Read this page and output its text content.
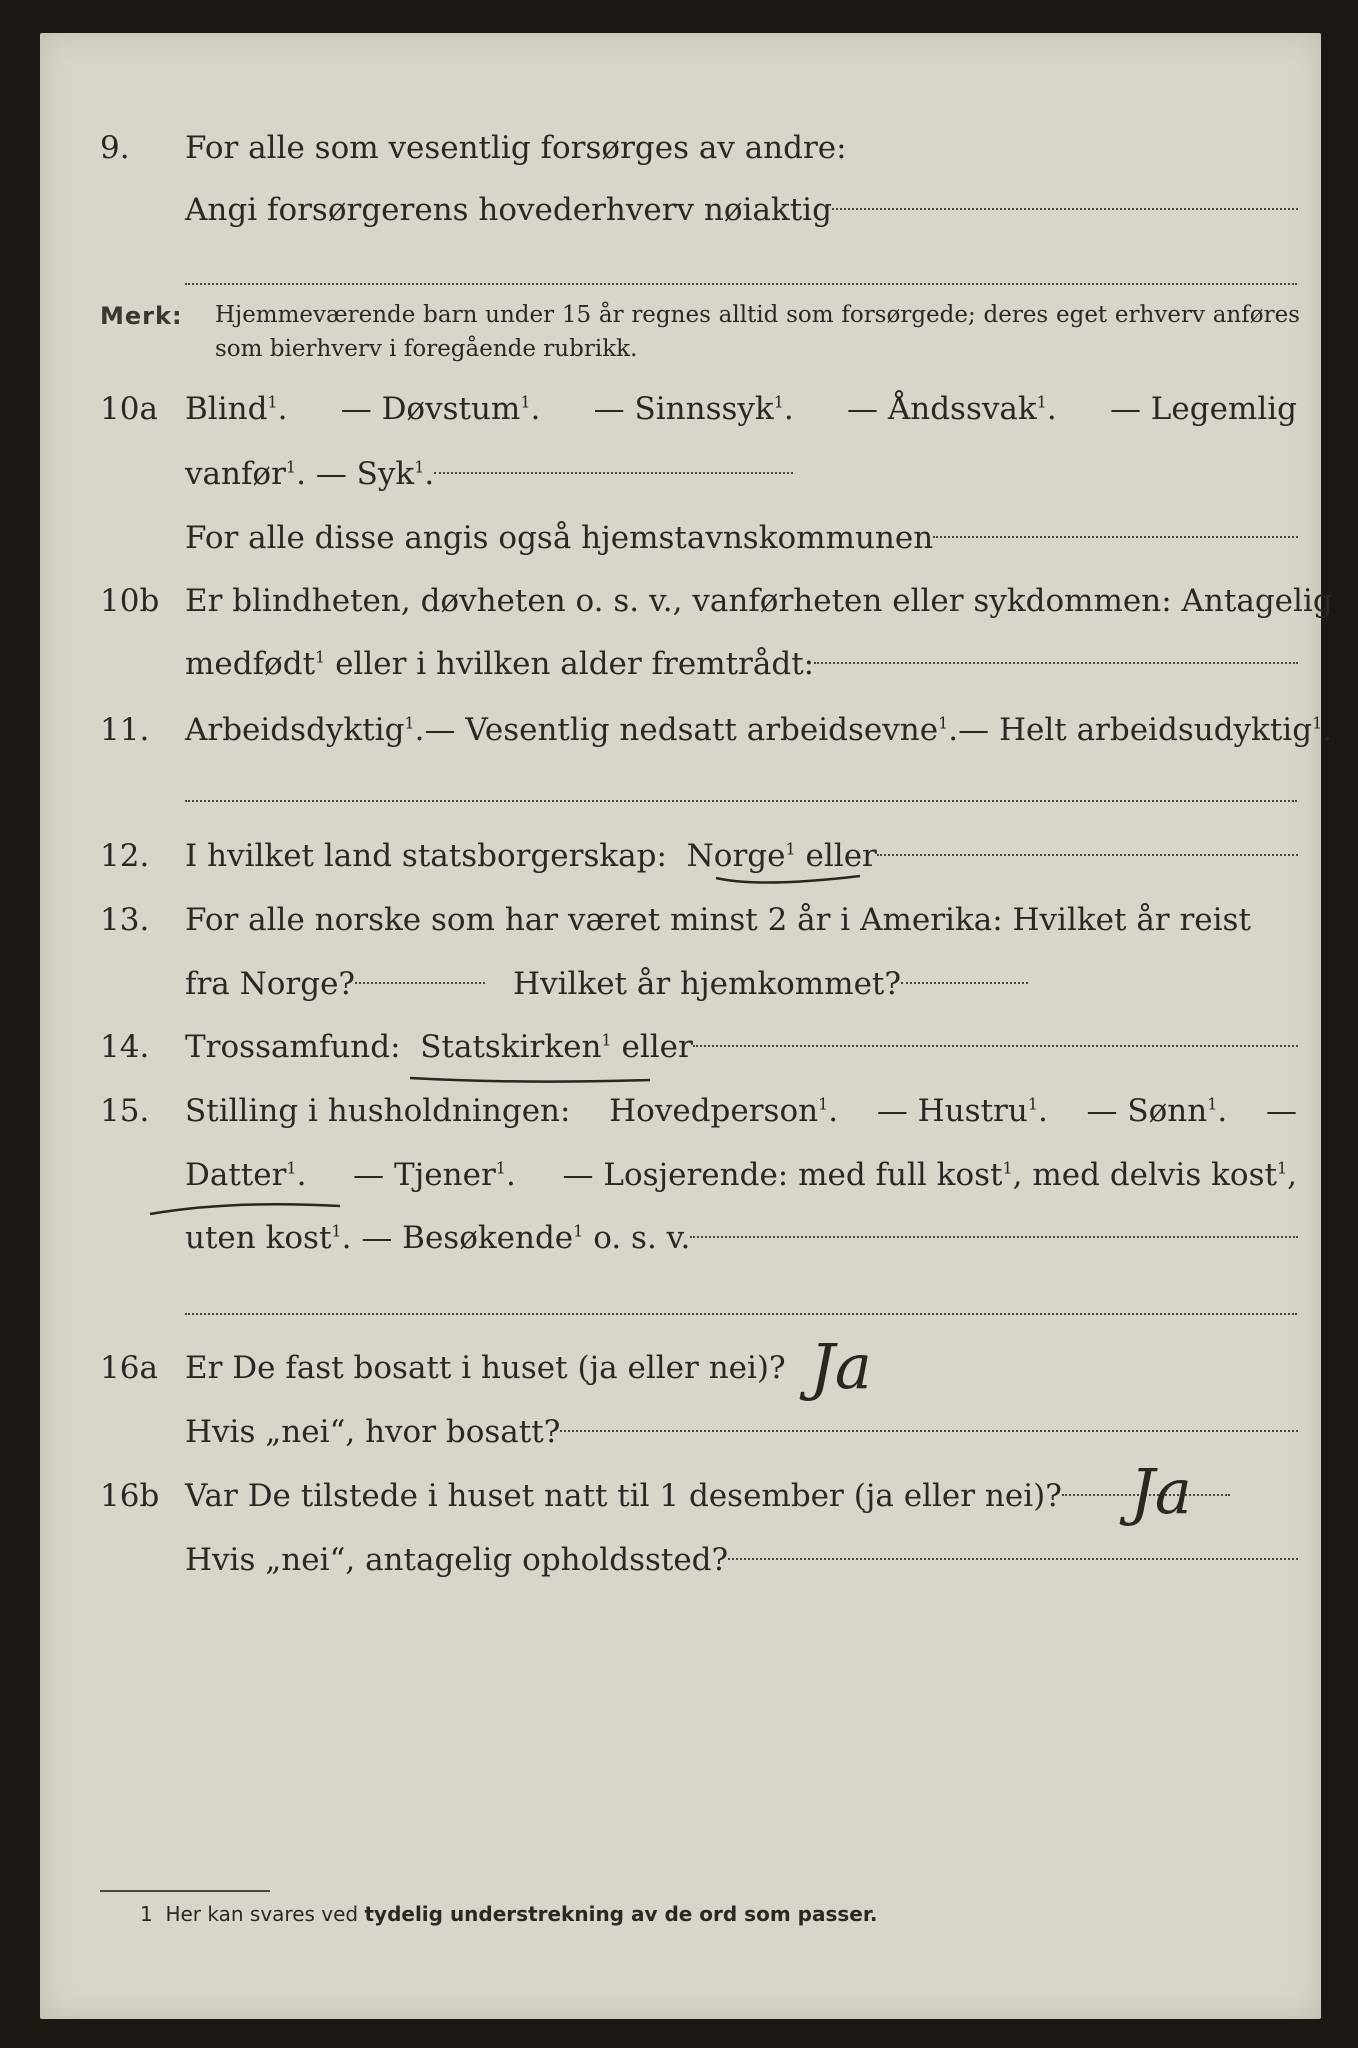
9. For alle som vesentlig forsørges av andre:
Angi forsørgerens hovederhverv nøiaktig
Merk: Hjemmeværende barn under 15 år regnes alltid som forsørgede; deres eget erhverv anføres som bierhverv i foregående rubrikk.
10a Blind$^1$. — Døvstum$^1$. — Sinnssyk$^1$. — Åndssvak$^1$. — Legemlig
vanfør$^1$. — Syk$^1$.
For alle disse angis også hjemstavnskommunen
10b Er blindheten, døvheten o. s. v., vanførheten eller sykdommen: Antagelig
medfødt$^1$ eller i hvilken alder fremtrådt:
11. Arbeidsdyktig$^1$. — Vesentlig nedsatt arbeidsevne$^1$. — Helt arbeidsudyktig$^1$.
12. I hvilket land statsborgerskap: Norge$^1$ eller
13. For alle norske som har været minst 2 år i Amerika: Hvilket år reist
fra Norge?	Hvilket år hjemkommet?
14. Trossamfund: Statskirken$^1$ eller
15. Stilling i husholdningen: Hovedperson$^1$. — Hustru$^1$. — Sønn$^1$. —
Datter$^1$. — Tjener$^1$. — Losjerende: med full kost$^1$, med delvis kost$^1$,
uten kost$^1$. — Besøkende$^1$ o. s. v.
16a Er De fast bosatt i huset (ja eller nei)?
Hvis „nei“, hvor bosatt?
Ja
16b Var De tilstede i huset natt til 1 desember (ja eller nei)?
Hvis „nei“, antagelig opholdssted?
Ja
1 Her kan svares ved tydelig understrekning av de ord som passer.
